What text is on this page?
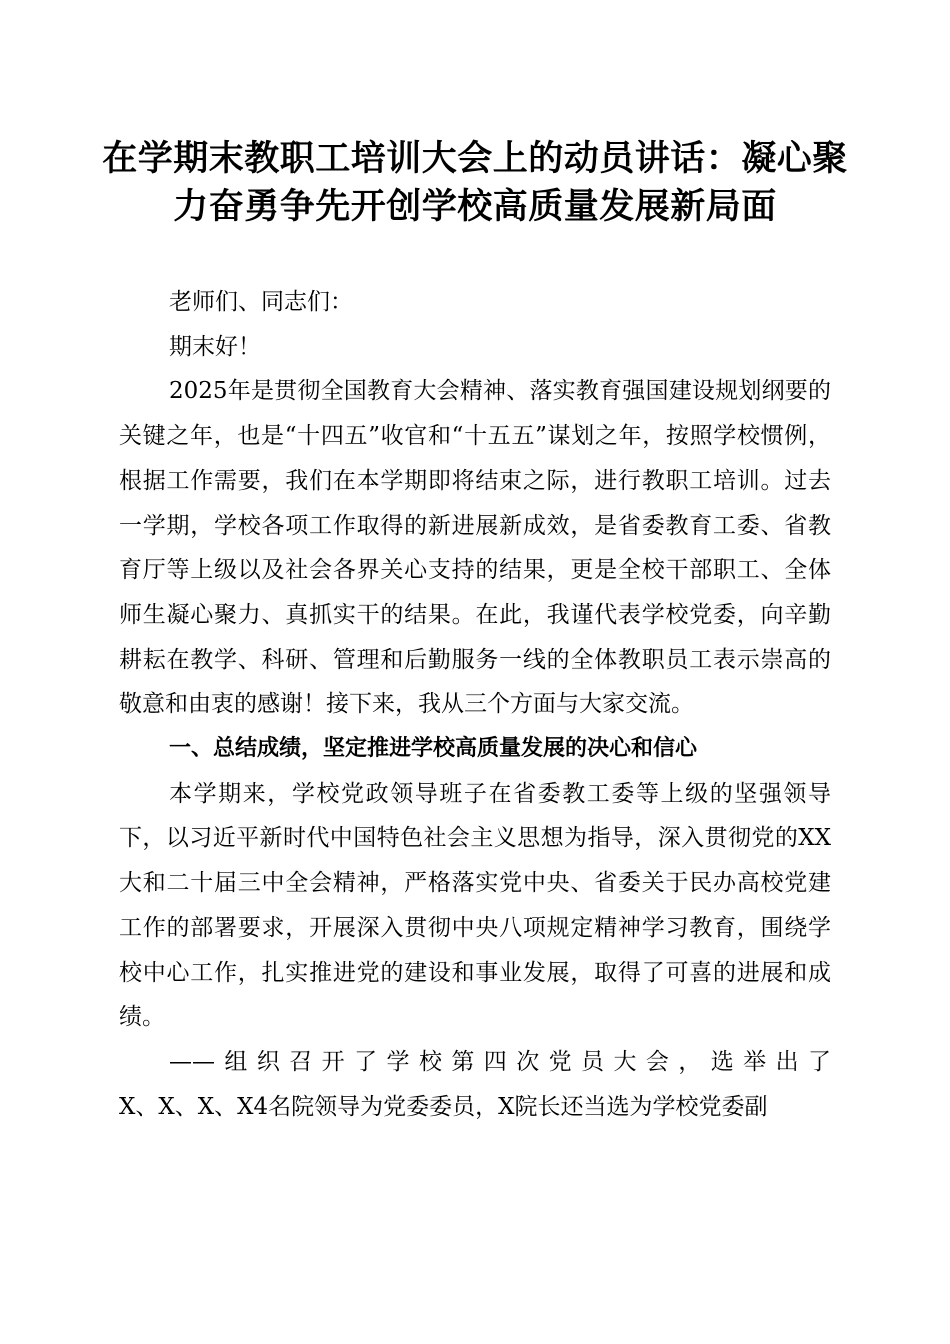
在学期末教职工培训大会上的动员讲话：凝心聚力奋勇争先开创学校高质量发展新局面

老师们、同志们：

期末好！

2025年是贯彻全国教育大会精神、落实教育强国建设规划纲要的关键之年，也是“十四五”收官和“十五五”谋划之年，按照学校惯例，根据工作需要，我们在本学期即将结束之际，进行教职工培训。过去一学期，学校各项工作取得的新进展新成效，是省委教育工委、省教育厅等上级以及社会各界关心支持的结果，更是全校干部职工、全体师生凝心聚力、真抓实干的结果。在此，我谨代表学校党委，向辛勤耕耘在教学、科研、管理和后勤服务一线的全体教职员工表示崇高的敬意和由衷的感谢！接下来，我从三个方面与大家交流。

一、总结成绩，坚定推进学校高质量发展的决心和信心

本学期来，学校党政领导班子在省委教工委等上级的坚强领导下，以习近平新时代中国特色社会主义思想为指导，深入贯彻党的XX大和二十届三中全会精神，严格落实党中央、省委关于民办高校党建工作的部署要求，开展深入贯彻中央八项规定精神学习教育，围绕学校中心工作，扎实推进党的建设和事业发展，取得了可喜的进展和成绩。

——组织召开了学校第四次党员大会，选举出了

X、X、X、X4名院领导为党委委员，X院长还当选为学校党委副
